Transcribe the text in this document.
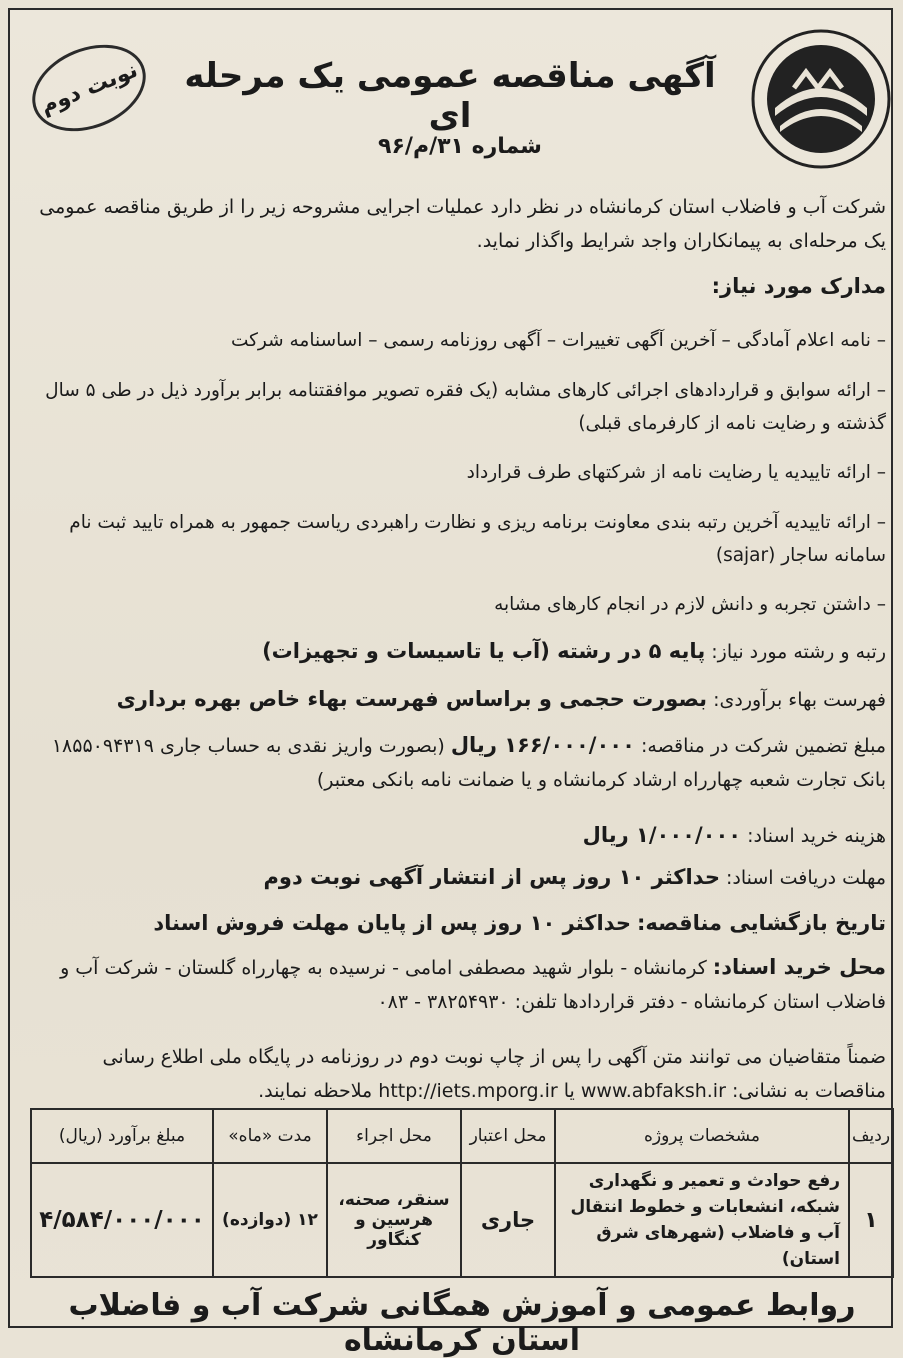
نوبت دوم	آگهی مناقصه عمومی یک مرحله ای
شماره ۳۱/م/۹۶
شرکت آب و فاضلاب استان کرمانشاه در نظر دارد عملیات اجرایی مشروحه زیر را از طریق مناقصه عمومی یک مرحله‌ای به پیمانکاران واجد شرایط واگذار نماید.
مدارک مورد نیاز:
– نامه اعلام آمادگی – آخرین آگهی تغییرات – آگهی روزنامه رسمی – اساسنامه شرکت
– ارائه سوابق و قراردادهای اجرائی کارهای مشابه (یک فقره تصویر موافقتنامه برابر برآورد ذیل در طی ۵ سال گذشته و رضایت نامه از کارفرمای قبلی)
– ارائه تاییدیه یا رضایت نامه از شرکتهای طرف قرارداد
– ارائه تاییدیه آخرین رتبه بندی معاونت برنامه ریزی و نظارت راهبردی ریاست جمهور به همراه تایید ثبت نام سامانه ساجار (sajar)
– داشتن تجربه و دانش لازم در انجام کارهای مشابه
رتبه و رشته مورد نیاز: پایه ۵ در رشته (آب یا تاسیسات و تجهیزات)
فهرست بهاء برآوردی: بصورت حجمی و براساس فهرست بهاء خاص بهره برداری
مبلغ تضمین شرکت در مناقصه: ۱۶۶/۰۰۰/۰۰۰ ریال (بصورت واریز نقدی به حساب جاری ۱۸۵۵۰۹۴۳۱۹ بانک تجارت شعبه چهارراه ارشاد کرمانشاه و یا ضمانت نامه بانکی معتبر)
هزینه خرید اسناد: ۱/۰۰۰/۰۰۰ ریال
مهلت دریافت اسناد: حداکثر ۱۰ روز پس از انتشار آگهی نوبت دوم
تاریخ بازگشایی مناقصه: حداکثر ۱۰ روز پس از پایان مهلت فروش اسناد
محل خرید اسناد: کرمانشاه - بلوار شهید مصطفی امامی - نرسیده به چهارراه گلستان - شرکت آب و فاضلاب استان کرمانشاه - دفتر قراردادها تلفن: ۳۸۲۵۴۹۳۰ - ۰۸۳
ضمناً متقاضیان می توانند متن آگهی را پس از چاپ نوبت دوم در روزنامه در پایگاه ملی اطلاع رسانی مناقصات به نشانی: www.abfaksh.ir یا http://iets.mporg.ir ملاحظه نمایند.
ردیف	مشخصات پروژه	محل اعتبار	محل اجراء	مدت «ماه»	مبلغ برآورد (ریال)
۱	رفع حوادث و تعمیر و نگهداری شبکه، انشعابات و خطوط انتقال آب و فاضلاب (شهرهای شرق استان)	جاری	سنقر، صحنه، هرسین و کنگاور	۱۲ (دوازده)	۴/۵۸۴/۰۰۰/۰۰۰
روابط عمومی و آموزش همگانی شرکت آب و فاضلاب استان کرمانشاه
